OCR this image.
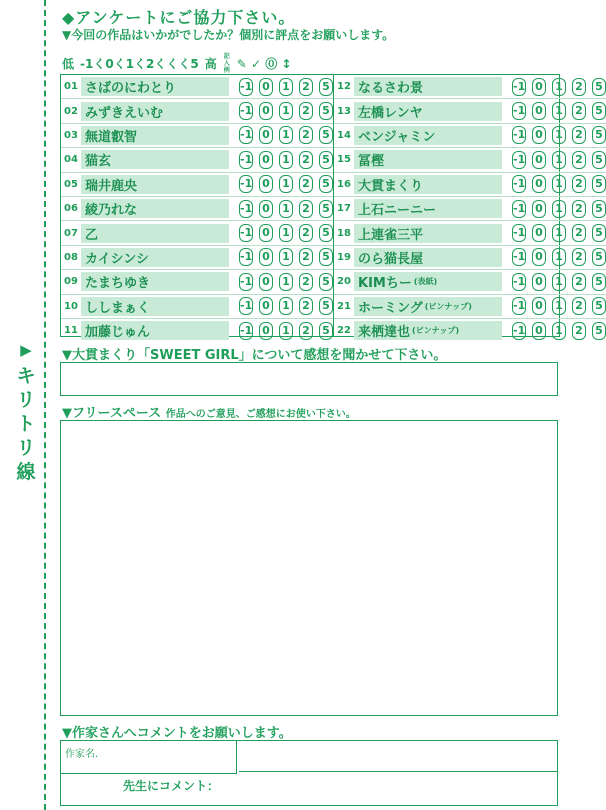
▶
キリトリ線
◆アンケートにご協力下さい。
▼今回の作品はいかがでしたか？個別に評点をお願いします。
低 -1く0く1く2くくく5 高
記入例 ✎ ✓ ⓪ ↕
01 さばのにわとり	-1 0 1 2 5
02 みずきえいむ	-1 0 1 2 5
03 無道叡智	-1 0 1 2 5
04 猫玄	-1 0 1 2 5
05 瑞井鹿央	-1 0 1 2 5
06 綾乃れな	-1 0 1 2 5
07 乙	-1 0 1 2 5
08 カイシンシ	-1 0 1 2 5
09 たまちゆき	-1 0 1 2 5
10 ししまぁく	-1 0 1 2 5
11 加藤じゅん	-1 0 1 2 5
12 なるさわ景	-1 0 1 2 5
13 左橋レンヤ	-1 0 1 2 5
14 ベンジャミン	-1 0 1 2 5
15 冨樫	-1 0 1 2 5
16 大貫まくり	-1 0 1 2 5
17 上石ニーニー	-1 0 1 2 5
18 上連雀三平	-1 0 1 2 5
19 のら猫長屋	-1 0 1 2 5
20 KIMちー (表紙)	-1 0 1 2 5
21 ホーミング (ピンナップ)	-1 0 1 2 5
22 来栖達也 (ピンナップ)	-1 0 1 2 5
▼大貫まくり「SWEET GIRL」について感想を聞かせて下さい。
▼フリースペース 作品へのご意見、ご感想にお使い下さい。
▼作家さんへコメントをお願いします。
作家名.
先生にコメント：
